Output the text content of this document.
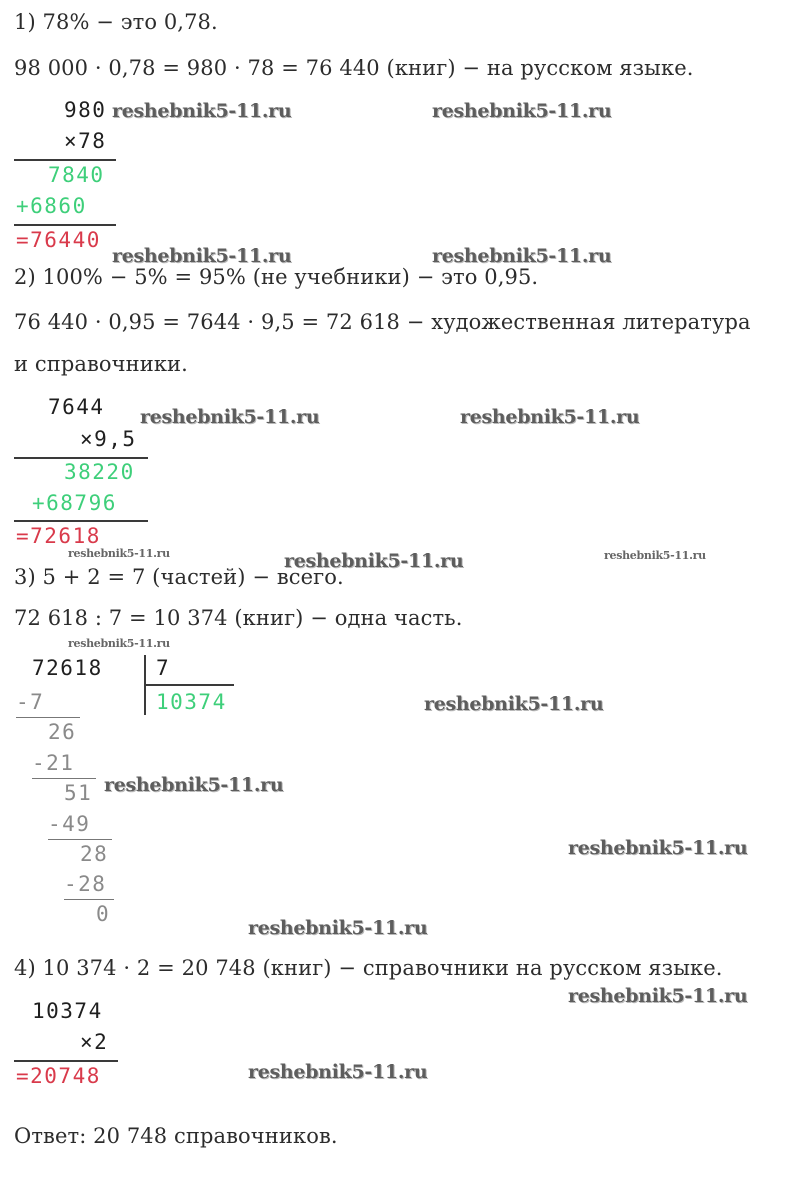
1) 78% − это 0,78.
98 000 · 0,78 = 980 · 78 = 76 440 (книг) − на русском языке.
980
×78
7840
+6860
=76440
2) 100% − 5% = 95% (не учебники) − это 0,95.
76 440 · 0,95 = 7644 · 9,5 = 72 618 − художественная литература
и справочники.
7644
×9,5
38220
+68796
=72618
3) 5 + 2 = 7 (частей) − всего.
72 618 : 7 = 10 374 (книг) − одна часть.
72618	7
10374
-7
26
-21
51
-49
28
-28
0
4) 10 374 · 2 = 20 748 (книг) − справочники на русском языке.
10374
×2
=20748
Ответ: 20 748 справочников.
reshebnik5-11.ru	reshebnik5-11.ru
reshebnik5-11.ru	reshebnik5-11.ru
reshebnik5-11.ru	reshebnik5-11.ru
reshebnik5-11.ru	reshebnik5-11.ru	reshebnik5-11.ru
reshebnik5-11.ru
reshebnik5-11.ru
reshebnik5-11.ru
reshebnik5-11.ru
reshebnik5-11.ru
reshebnik5-11.ru
reshebnik5-11.ru
